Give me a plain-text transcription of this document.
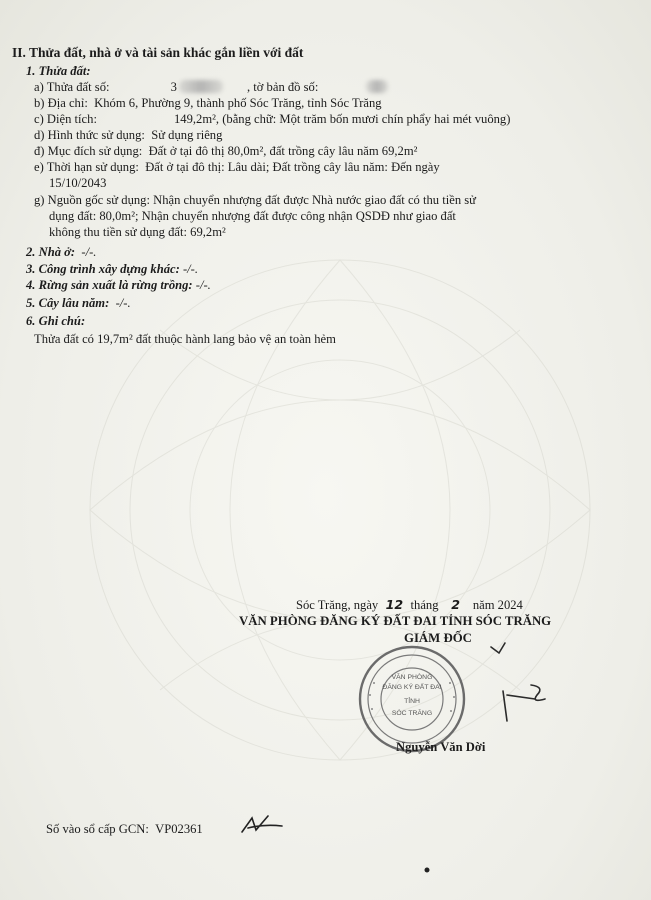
II. Thửa đất, nhà ở và tài sản khác gắn liền với đất
1. Thửa đất:
a) Thửa đất số:	3	, tờ bản đồ số:
b) Địa chỉ: Khóm 6, Phường 9, thành phố Sóc Trăng, tỉnh Sóc Trăng
c) Diện tích:	149,2m², (bằng chữ: Một trăm bốn mươi chín phẩy hai mét vuông)
d) Hình thức sử dụng: Sử dụng riêng
đ) Mục đích sử dụng: Đất ở tại đô thị 80,0m², đất trồng cây lâu năm 69,2m²
e) Thời hạn sử dụng: Đất ở tại đô thị: Lâu dài; Đất trồng cây lâu năm: Đến ngày
15/10/2043
g) Nguồn gốc sử dụng: Nhận chuyển nhượng đất được Nhà nước giao đất có thu tiền sử
dụng đất: 80,0m²; Nhận chuyển nhượng đất được công nhận QSDĐ như giao đất
không thu tiền sử dụng đất: 69,2m²
2. Nhà ở: -/-.
3. Công trình xây dựng khác: -/-.
4. Rừng sản xuất là rừng trồng: -/-.
5. Cây lâu năm: -/-.
6. Ghi chú:
Thửa đất có 19,7m² đất thuộc hành lang bảo vệ an toàn hẻm
Sóc Trăng, ngày 12 tháng 2 năm 2024
VĂN PHÒNG ĐĂNG KÝ ĐẤT ĐAI TỈNH SÓC TRĂNG
GIÁM ĐỐC
VĂN PHÒNG
ĐĂNG KÝ ĐẤT ĐAI
TỈNH
SÓC TRĂNG
Nguyễn Văn Dời
Số vào sổ cấp GCN: VP02361
